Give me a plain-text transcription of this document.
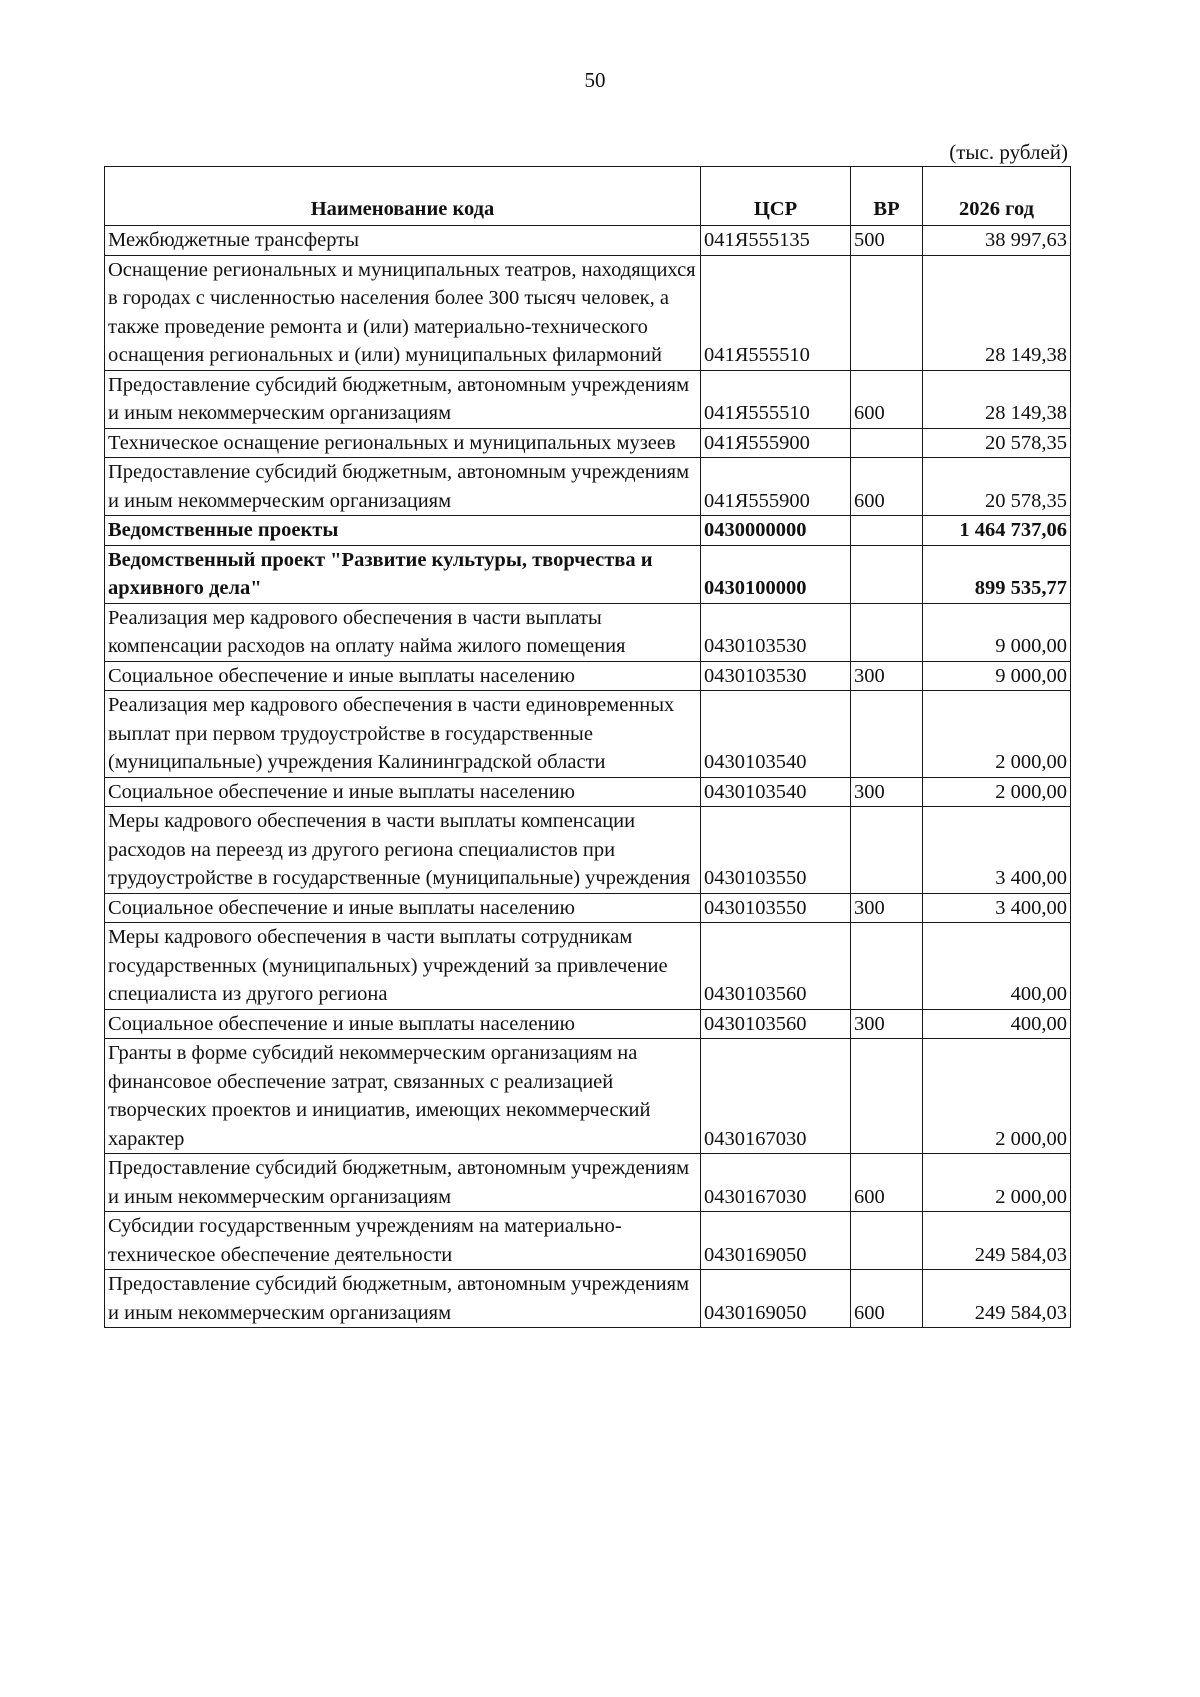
50
(тыс. рублей)
Наименование кода	ЦСР	ВР	2026 год
Межбюджетные трансферты	041Я555135	500	38 997,63
Оснащение региональных и муниципальных театров, находящихся в городах с численностью населения более 300 тысяч человек, а также проведение ремонта и (или) материально-технического оснащения региональных и (или) муниципальных филармоний	041Я555510		28 149,38
Предоставление субсидий бюджетным, автономным учреждениям и иным некоммерческим организациям	041Я555510	600	28 149,38
Техническое оснащение региональных и муниципальных музеев	041Я555900		20 578,35
Предоставление субсидий бюджетным, автономным учреждениям и иным некоммерческим организациям	041Я555900	600	20 578,35
Ведомственные проекты	0430000000		1 464 737,06
Ведомственный проект "Развитие культуры, творчества и архивного дела"	0430100000		899 535,77
Реализация мер кадрового обеспечения в части выплаты компенсации расходов на оплату найма жилого помещения	0430103530		9 000,00
Социальное обеспечение и иные выплаты населению	0430103530	300	9 000,00
Реализация мер кадрового обеспечения в части единовременных выплат при первом трудоустройстве в государственные (муниципальные) учреждения Калининградской области	0430103540		2 000,00
Социальное обеспечение и иные выплаты населению	0430103540	300	2 000,00
Меры кадрового обеспечения в части выплаты компенсации расходов на переезд из другого региона специалистов при трудоустройстве в государственные (муниципальные) учреждения	0430103550		3 400,00
Социальное обеспечение и иные выплаты населению	0430103550	300	3 400,00
Меры кадрового обеспечения в части выплаты сотрудникам государственных (муниципальных) учреждений за привлечение специалиста из другого региона	0430103560		400,00
Социальное обеспечение и иные выплаты населению	0430103560	300	400,00
Гранты в форме субсидий некоммерческим организациям на финансовое обеспечение затрат, связанных с реализацией творческих проектов и инициатив, имеющих некоммерческий характер	0430167030		2 000,00
Предоставление субсидий бюджетным, автономным учреждениям и иным некоммерческим организациям	0430167030	600	2 000,00
Субсидии государственным учреждениям на материально-техническое обеспечение деятельности	0430169050		249 584,03
Предоставление субсидий бюджетным, автономным учреждениям и иным некоммерческим организациям	0430169050	600	249 584,03
